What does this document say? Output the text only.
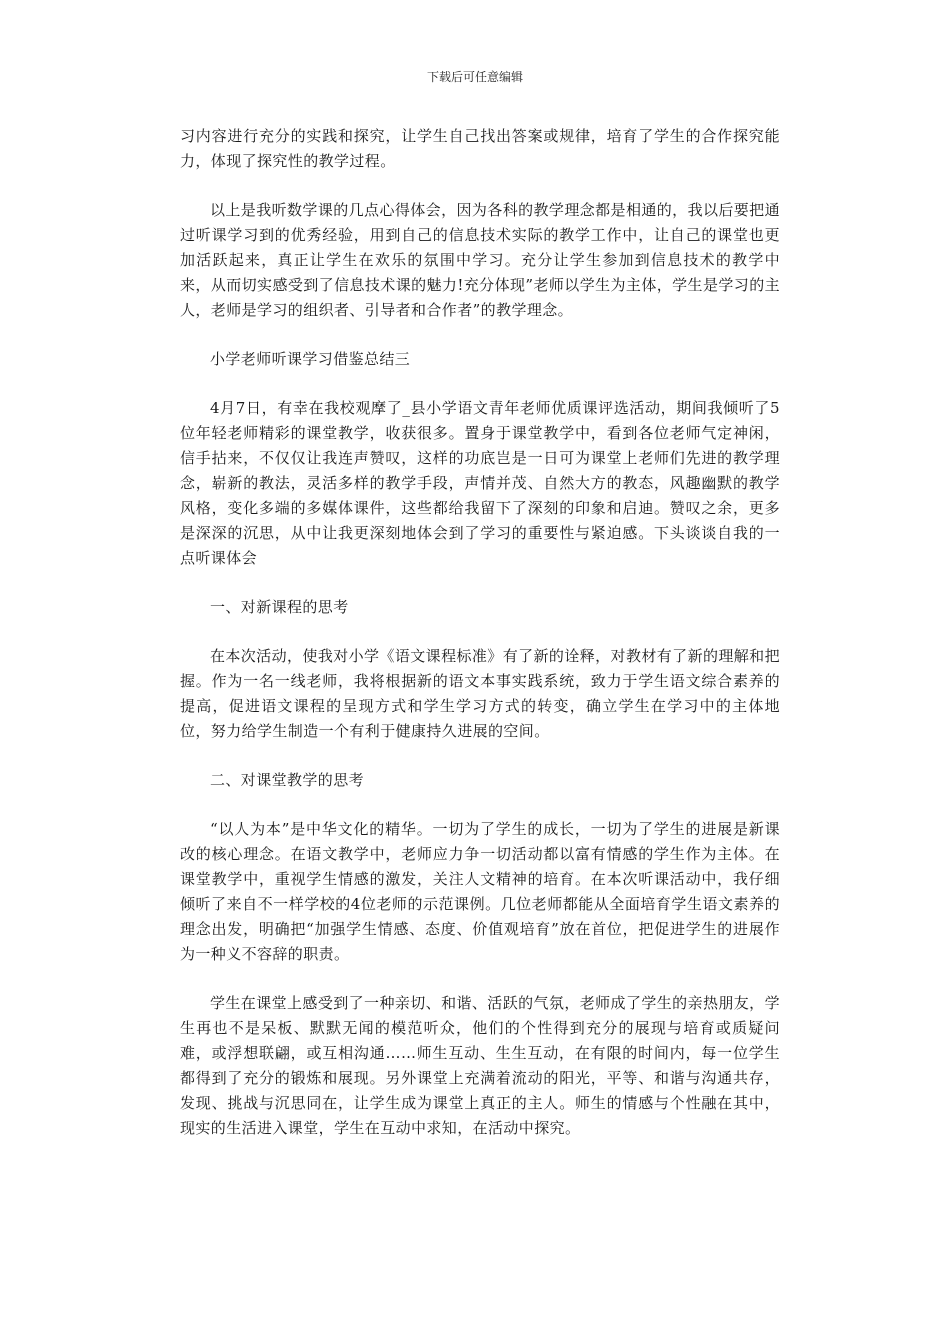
下载后可任意编辑

习内容进行充分的实践和探究，让学生自己找出答案或规律，培育了学生的合作探究能力，体现了探究性的教学过程。

以上是我听数学课的几点心得体会，因为各科的教学理念都是相通的，我以后要把通过听课学习到的优秀经验，用到自己的信息技术实际的教学工作中，让自己的课堂也更加活跃起来，真正让学生在欢乐的氛围中学习。充分让学生参加到信息技术的教学中来，从而切实感受到了信息技术课的魅力!充分体现”老师以学生为主体，学生是学习的主人，老师是学习的组织者、引导者和合作者”的教学理念。

小学老师听课学习借鉴总结三

4月7日，有幸在我校观摩了_县小学语文青年老师优质课评选活动，期间我倾听了5位年轻老师精彩的课堂教学，收获很多。置身于课堂教学中，看到各位老师气定神闲，信手拈来，不仅仅让我连声赞叹，这样的功底岂是一日可为课堂上老师们先进的教学理念，崭新的教法，灵活多样的教学手段，声情并茂、自然大方的教态，风趣幽默的教学风格，变化多端的多媒体课件，这些都给我留下了深刻的印象和启迪。赞叹之余，更多是深深的沉思，从中让我更深刻地体会到了学习的重要性与紧迫感。下头谈谈自我的一点听课体会

一、对新课程的思考

在本次活动，使我对小学《语文课程标准》有了新的诠释，对教材有了新的理解和把握。作为一名一线老师，我将根据新的语文本事实践系统，致力于学生语文综合素养的提高，促进语文课程的呈现方式和学生学习方式的转变，确立学生在学习中的主体地位，努力给学生制造一个有利于健康持久进展的空间。

二、对课堂教学的思考

“以人为本”是中华文化的精华。一切为了学生的成长，一切为了学生的进展是新课改的核心理念。在语文教学中，老师应力争一切活动都以富有情感的学生作为主体。在课堂教学中，重视学生情感的激发，关注人文精神的培育。在本次听课活动中，我仔细倾听了来自不一样学校的4位老师的示范课例。几位老师都能从全面培育学生语文素养的理念出发，明确把“加强学生情感、态度、价值观培育”放在首位，把促进学生的进展作为一种义不容辞的职责。

学生在课堂上感受到了一种亲切、和谐、活跃的气氛，老师成了学生的亲热朋友，学生再也不是呆板、默默无闻的模范听众，他们的个性得到充分的展现与培育或质疑问难，或浮想联翩，或互相沟通……师生互动、生生互动，在有限的时间内，每一位学生都得到了充分的锻炼和展现。另外课堂上充满着流动的阳光，平等、和谐与沟通共存，发现、挑战与沉思同在，让学生成为课堂上真正的主人。师生的情感与个性融在其中，现实的生活进入课堂，学生在互动中求知，在活动中探究。
